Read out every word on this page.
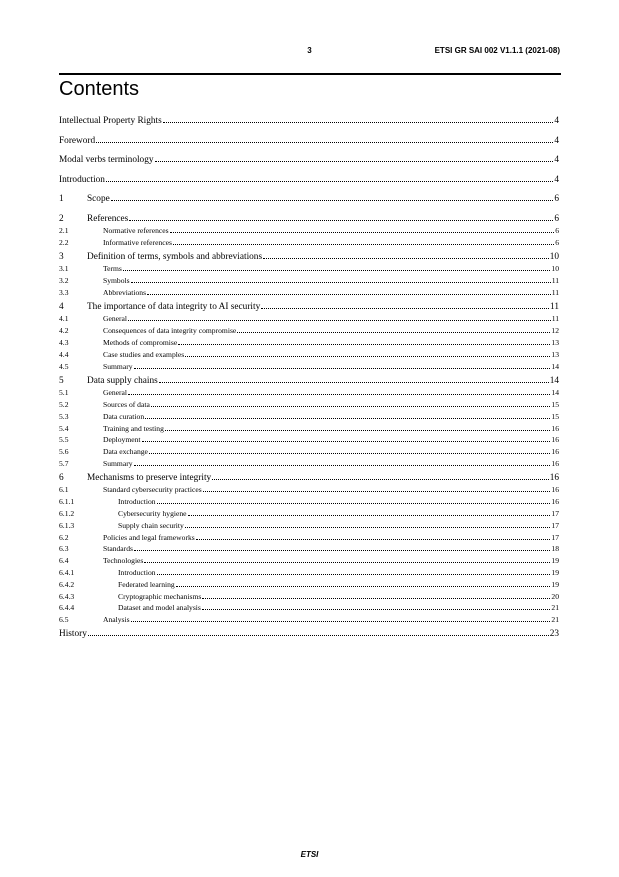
3	ETSI GR SAI 002 V1.1.1 (2021-08)
Contents
Intellectual Property Rights	4
Foreword	4
Modal verbs terminology	4
Introduction	4
1	Scope	6
2	References	6
2.1	Normative references	6
2.2	Informative references	6
3	Definition of terms, symbols and abbreviations	10
3.1	Terms	10
3.2	Symbols	11
3.3	Abbreviations	11
4	The importance of data integrity to AI security	11
4.1	General	11
4.2	Consequences of data integrity compromise	12
4.3	Methods of compromise	13
4.4	Case studies and examples	13
4.5	Summary	14
5	Data supply chains	14
5.1	General	14
5.2	Sources of data	15
5.3	Data curation	15
5.4	Training and testing	16
5.5	Deployment	16
5.6	Data exchange	16
5.7	Summary	16
6	Mechanisms to preserve integrity	16
6.1	Standard cybersecurity practices	16
6.1.1	Introduction	16
6.1.2	Cybersecurity hygiene	17
6.1.3	Supply chain security	17
6.2	Policies and legal frameworks	17
6.3	Standards	18
6.4	Technologies	19
6.4.1	Introduction	19
6.4.2	Federated learning	19
6.4.3	Cryptographic mechanisms	20
6.4.4	Dataset and model analysis	21
6.5	Analysis	21
History	23
ETSI
